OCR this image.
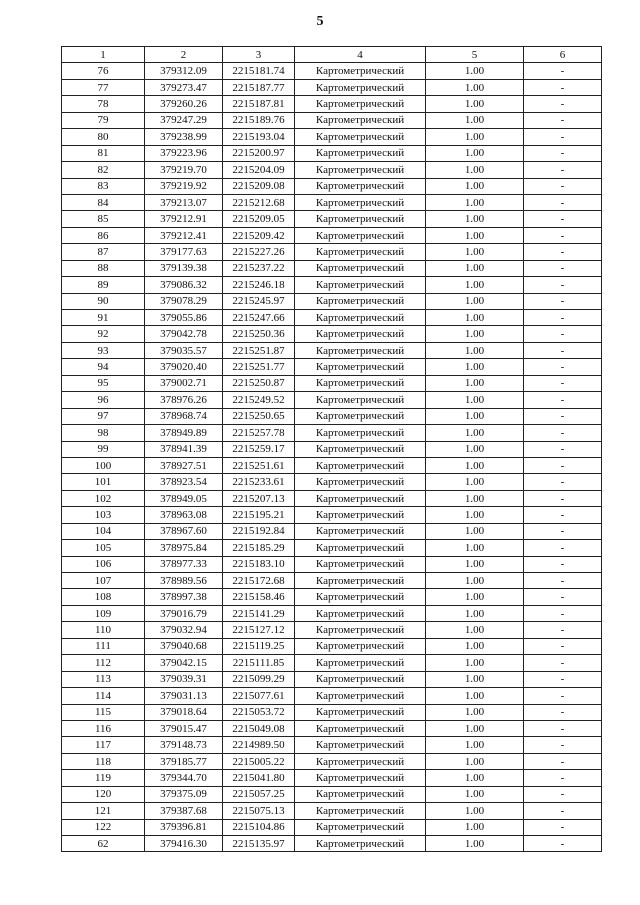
5
1	2	3	4	5	6
76	379312.09	2215181.74	Картометрический	1.00	-
77	379273.47	2215187.77	Картометрический	1.00	-
78	379260.26	2215187.81	Картометрический	1.00	-
79	379247.29	2215189.76	Картометрический	1.00	-
80	379238.99	2215193.04	Картометрический	1.00	-
81	379223.96	2215200.97	Картометрический	1.00	-
82	379219.70	2215204.09	Картометрический	1.00	-
83	379219.92	2215209.08	Картометрический	1.00	-
84	379213.07	2215212.68	Картометрический	1.00	-
85	379212.91	2215209.05	Картометрический	1.00	-
86	379212.41	2215209.42	Картометрический	1.00	-
87	379177.63	2215227.26	Картометрический	1.00	-
88	379139.38	2215237.22	Картометрический	1.00	-
89	379086.32	2215246.18	Картометрический	1.00	-
90	379078.29	2215245.97	Картометрический	1.00	-
91	379055.86	2215247.66	Картометрический	1.00	-
92	379042.78	2215250.36	Картометрический	1.00	-
93	379035.57	2215251.87	Картометрический	1.00	-
94	379020.40	2215251.77	Картометрический	1.00	-
95	379002.71	2215250.87	Картометрический	1.00	-
96	378976.26	2215249.52	Картометрический	1.00	-
97	378968.74	2215250.65	Картометрический	1.00	-
98	378949.89	2215257.78	Картометрический	1.00	-
99	378941.39	2215259.17	Картометрический	1.00	-
100	378927.51	2215251.61	Картометрический	1.00	-
101	378923.54	2215233.61	Картометрический	1.00	-
102	378949.05	2215207.13	Картометрический	1.00	-
103	378963.08	2215195.21	Картометрический	1.00	-
104	378967.60	2215192.84	Картометрический	1.00	-
105	378975.84	2215185.29	Картометрический	1.00	-
106	378977.33	2215183.10	Картометрический	1.00	-
107	378989.56	2215172.68	Картометрический	1.00	-
108	378997.38	2215158.46	Картометрический	1.00	-
109	379016.79	2215141.29	Картометрический	1.00	-
110	379032.94	2215127.12	Картометрический	1.00	-
111	379040.68	2215119.25	Картометрический	1.00	-
112	379042.15	2215111.85	Картометрический	1.00	-
113	379039.31	2215099.29	Картометрический	1.00	-
114	379031.13	2215077.61	Картометрический	1.00	-
115	379018.64	2215053.72	Картометрический	1.00	-
116	379015.47	2215049.08	Картометрический	1.00	-
117	379148.73	2214989.50	Картометрический	1.00	-
118	379185.77	2215005.22	Картометрический	1.00	-
119	379344.70	2215041.80	Картометрический	1.00	-
120	379375.09	2215057.25	Картометрический	1.00	-
121	379387.68	2215075.13	Картометрический	1.00	-
122	379396.81	2215104.86	Картометрический	1.00	-
62	379416.30	2215135.97	Картометрический	1.00	-
